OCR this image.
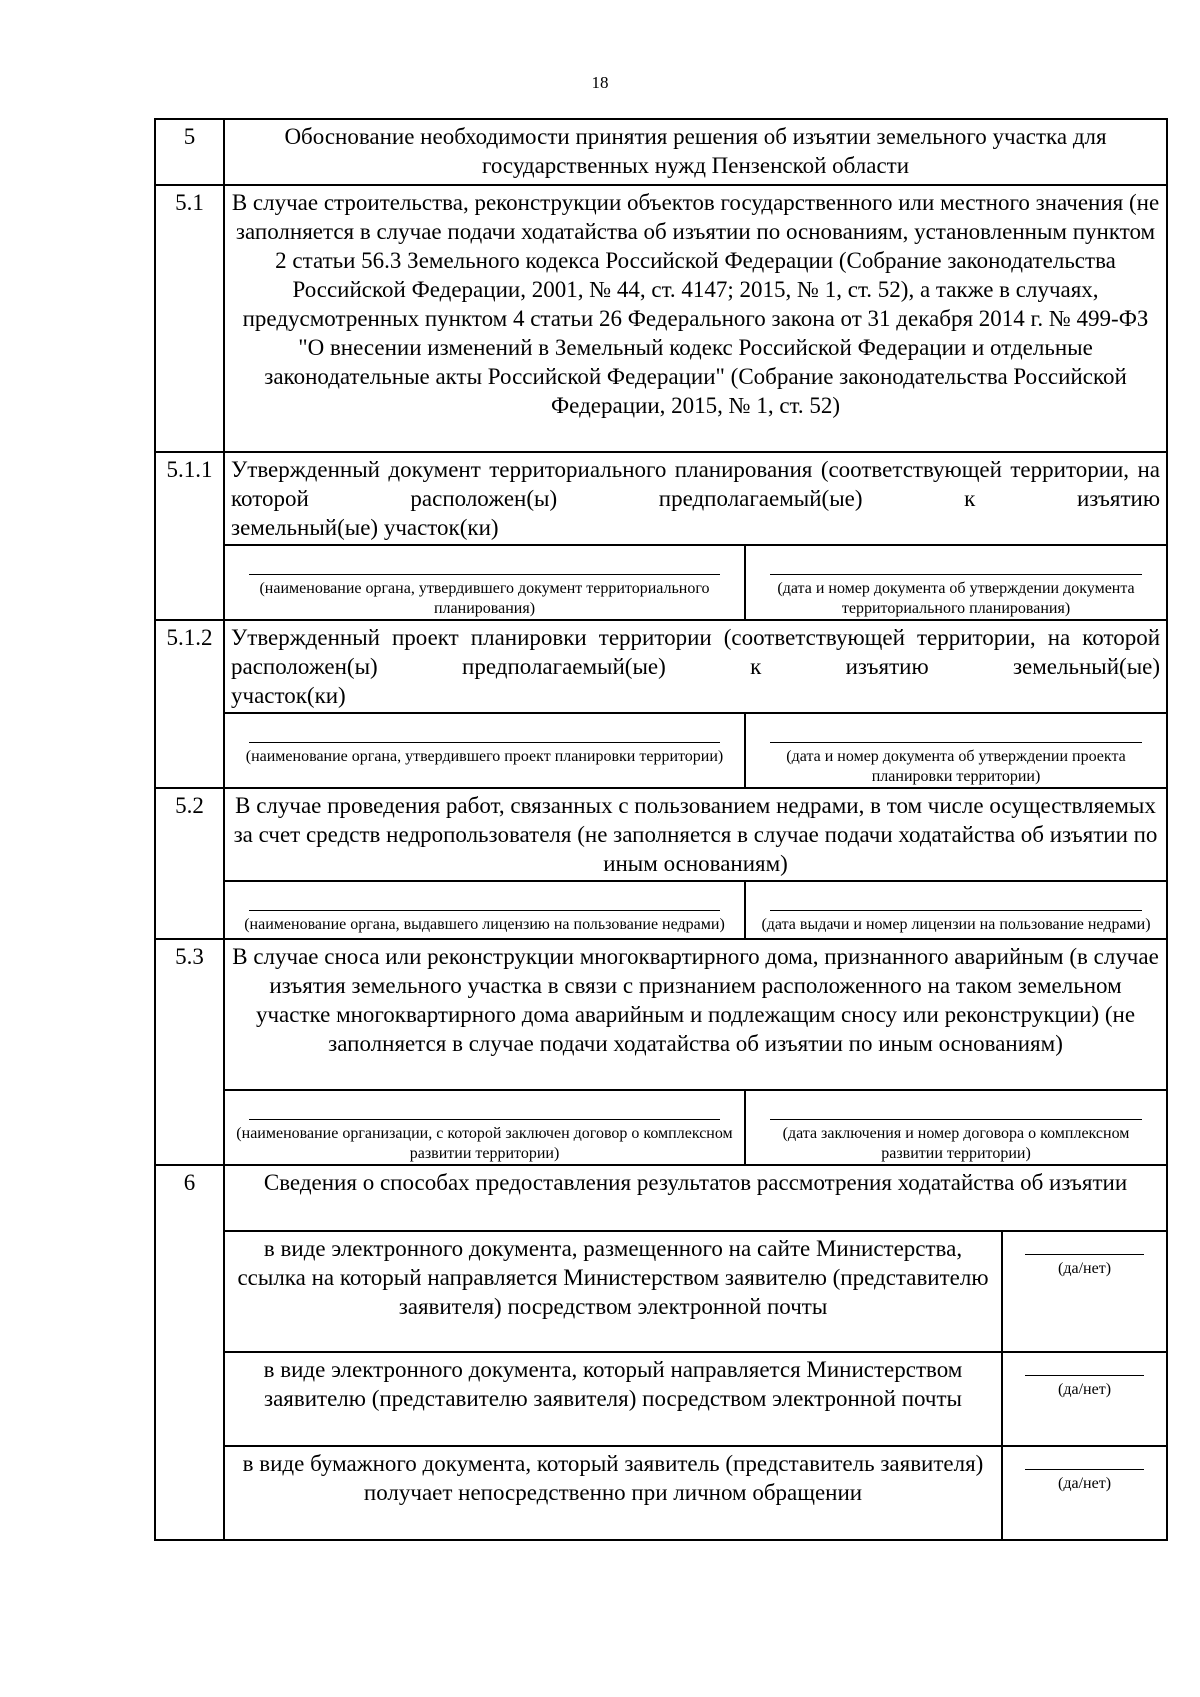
18
5	Обоснование необходимости принятия решения об изъятии земельного участка для государственных нужд Пензенской области		
5.1	В случае строительства, реконструкции объектов государственного или местного значения (не заполняется в случае подачи ходатайства об изъятии по основаниям, установленным пунктом 2 статьи 56.3 Земельного кодекса Российской Федерации (Собрание законодательства Российской Федерации, 2001, № 44, ст. 4147; 2015, № 1, ст. 52), а также в случаях, предусмотренных пунктом 4 статьи 26 Федерального закона от 31 декабря 2014 г. № 499-ФЗ "О внесении изменений в Земельный кодекс Российской Федерации и отдельные законодательные акты Российской Федерации" (Собрание законодательства Российской Федерации, 2015, № 1, ст. 52)		
5.1.1	Утвержденный документ территориального планирования (соответствующей территории, на которой расположен(ы) предполагаемый(ые) к изъятию
земельный(ые) участок(ки)		

	(наименование органа, утвердившего документ территориального планирования)	(дата и номер документа об утверждении документа территориального планирования)	

5.1.2	Утвержденный проект планировки территории (соответствующей территории, на которой расположен(ы) предполагаемый(ые) к изъятию земельный(ые)
участок(ки)		

	(наименование органа, утвердившего проект планировки территории)	(дата и номер документа об утверждении проекта планировки территории)	

5.2	В случае проведения работ, связанных с пользованием недрами, в том числе осуществляемых за счет средств недропользователя (не заполняется в случае подачи ходатайства об изъятии по иным основаниям)		

	(наименование органа, выдавшего лицензию на пользование недрами)	(дата выдачи и номер лицензии на пользование недрами)	

5.3	В случае сноса или реконструкции многоквартирного дома, признанного аварийным (в случае изъятия земельного участка в связи с признанием расположенного на таком земельном участке многоквартирного дома аварийным и подлежащим сносу или реконструкции) (не заполняется в случае подачи ходатайства об изъятии по иным основаниям)		

	(наименование организации, с которой заключен договор о комплексном развитии территории)	(дата заключения и номер договора о комплексном развитии территории)	

6	Сведения о способах предоставления результатов рассмотрения ходатайства об изъятии		
	в виде электронного документа, размещенного на сайте Министерства, ссылка на который направляется Министерством заявителю (представителю заявителя) посредством электронной почты		(да/нет)

	в виде электронного документа, который направляется Министерством заявителю (представителю заявителя) посредством электронной почты		(да/нет)

	в виде бумажного документа, который заявитель (представитель заявителя) получает непосредственно при личном обращении		(да/нет)
